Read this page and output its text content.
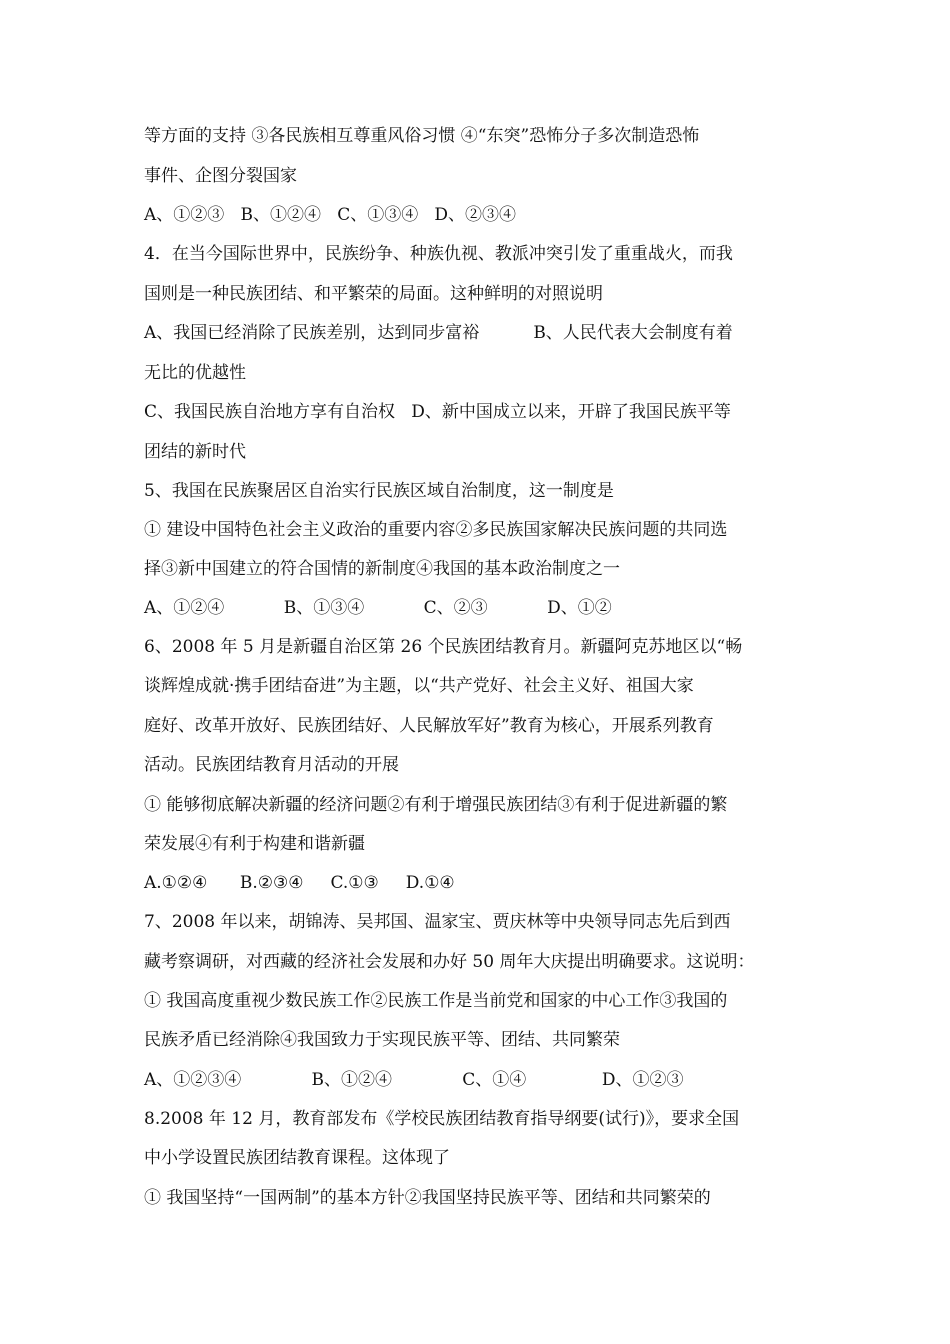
等方面的支持 ③各民族相互尊重风俗习惯 ④“东突”恐怖分子多次制造恐怖
事件、企图分裂国家
A、①②③   B、①②④   C、①③④   D、②③④
4．在当今国际世界中，民族纷争、种族仇视、教派冲突引发了重重战火，而我
国则是一种民族团结、和平繁荣的局面。这种鲜明的对照说明
A、我国已经消除了民族差别，达到同步富裕          B、人民代表大会制度有着
无比的优越性
C、我国民族自治地方享有自治权   D、新中国成立以来，开辟了我国民族平等
团结的新时代
5、我国在民族聚居区自治实行民族区域自治制度，这一制度是
① 建设中国特色社会主义政治的重要内容②多民族国家解决民族问题的共同选
择③新中国建立的符合国情的新制度④我国的基本政治制度之一
A、①②④           B、①③④           C、②③           D、①②
6、2008 年 5 月是新疆自治区第 26 个民族团结教育月。新疆阿克苏地区以“畅
谈辉煌成就·携手团结奋进”为主题，以“共产党好、社会主义好、祖国大家
庭好、改革开放好、民族团结好、人民解放军好”教育为核心，开展系列教育
活动。民族团结教育月活动的开展
① 能够彻底解决新疆的经济问题②有利于增强民族团结③有利于促进新疆的繁
荣发展④有利于构建和谐新疆
A.①②④      B.②③④     C.①③     D.①④
7、2008 年以来，胡锦涛、吴邦国、温家宝、贾庆林等中央领导同志先后到西
藏考察调研，对西藏的经济社会发展和办好 50 周年大庆提出明确要求。这说明：
① 我国高度重视少数民族工作②民族工作是当前党和国家的中心工作③我国的
民族矛盾已经消除④我国致力于实现民族平等、团结、共同繁荣
A、①②③④             B、①②④             C、①④              D、①②③
8.2008 年 12 月，教育部发布《学校民族团结教育指导纲要(试行)》，要求全国
中小学设置民族团结教育课程。这体现了
① 我国坚持“一国两制”的基本方针②我国坚持民族平等、团结和共同繁荣的
